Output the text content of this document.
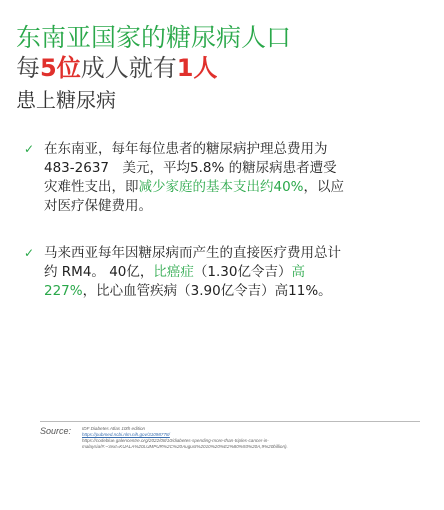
东南亚国家的糖尿病人口
每5位成人就有1人
患上糖尿病
✓ 在东南亚，每年每位患者的糖尿病护理总费用为　483-2637　美元，平均5.8% 的糖尿病患者遭受灾难性支出，即减少家庭的基本支出约40%，以应对医疗保健费用。
✓ 马来西亚每年因糖尿病而产生的直接医疗费用总计约 RM4。 40亿，比癌症（1.30亿令吉）高227%，比心血管疾病（3.90亿令吉）高11%。
Source:	IDF Diabetes Atlas 10th edition
https://pubmed.ncbi.nlm.nih.gov/31098778/
https://codeblue.galencentre.org/2022/08/10/diabetes-spending-more-than-triples-cancer-in-
malaysia/#:~:text=KUALA%20LUMPUR%2C%20August%2010%20%E2%80%93%20A,9%20billion).
